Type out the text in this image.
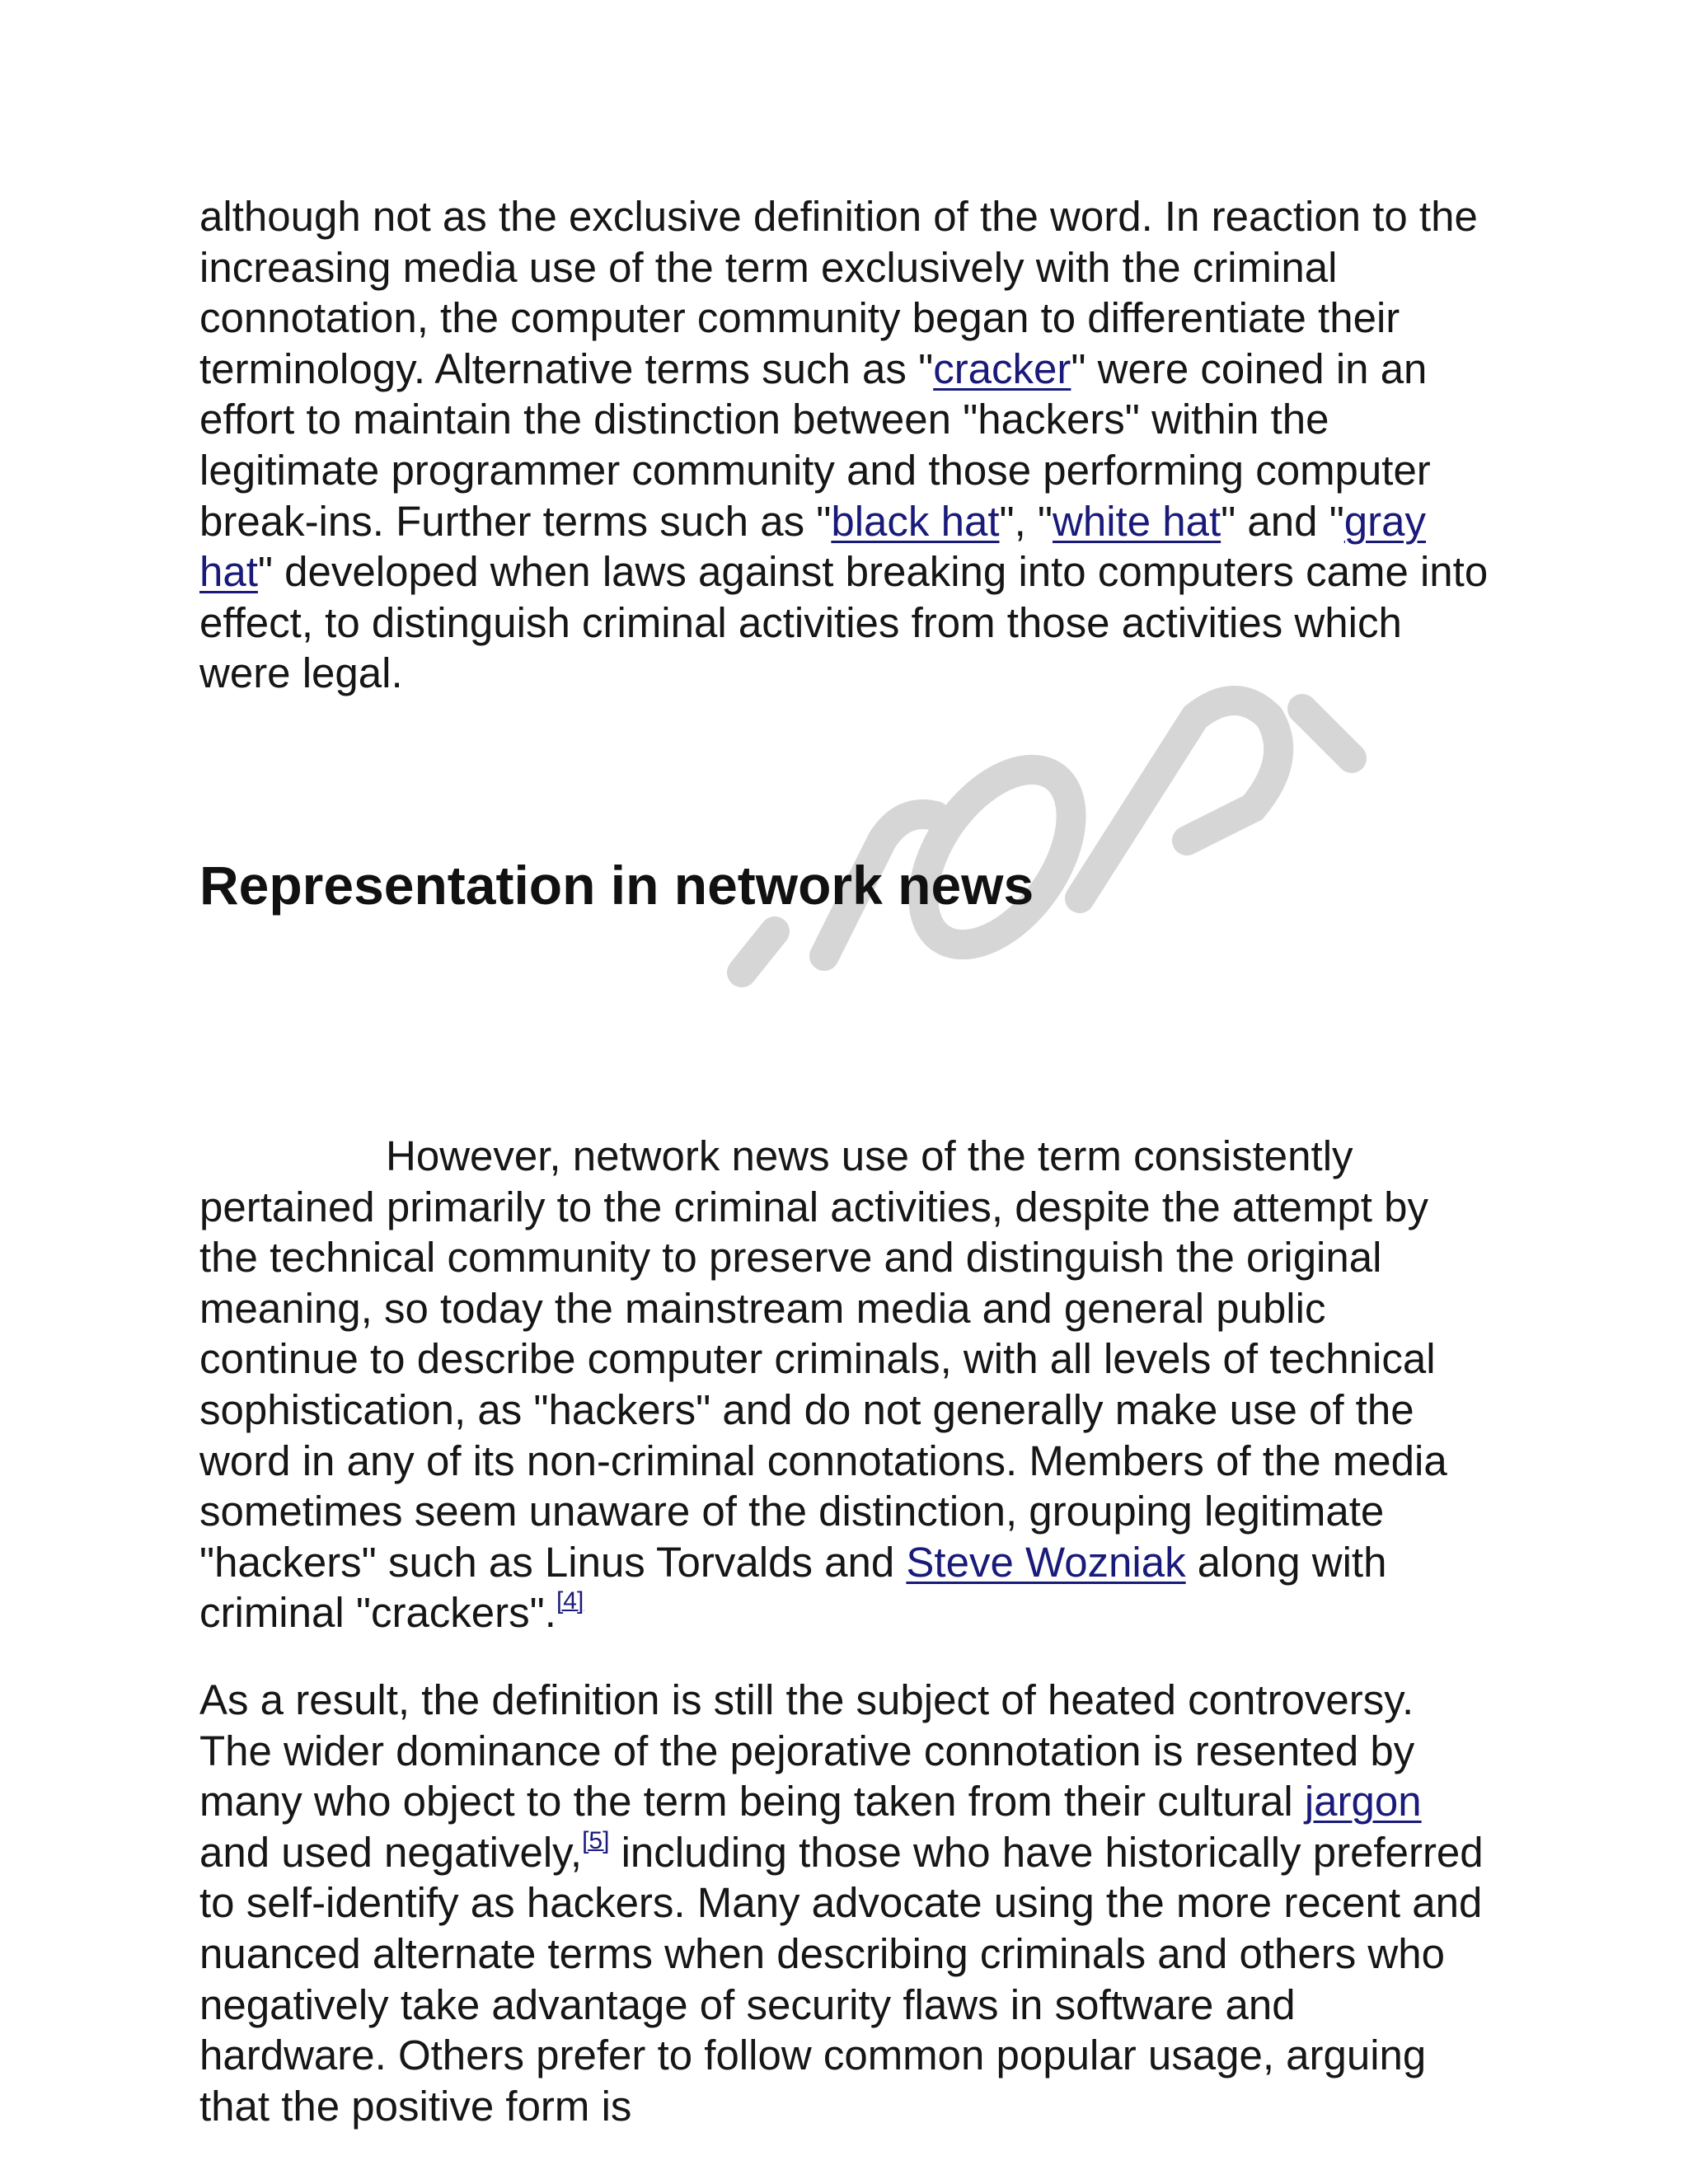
although not as the exclusive definition of the word. In reaction to the increasing media use of the term exclusively with the criminal connotation, the computer community began to differentiate their terminology. Alternative terms such as "cracker" were coined in an effort to maintain the distinction between "hackers" within the legitimate programmer community and those performing computer break-ins. Further terms such as "black hat", "white hat" and "gray hat" developed when laws against breaking into computers came into effect, to distinguish criminal activities from those activities which were legal.

Representation in network news

However, network news use of the term consistently pertained primarily to the criminal activities, despite the attempt by the technical community to preserve and distinguish the original meaning, so today the mainstream media and general public continue to describe computer criminals, with all levels of technical sophistication, as "hackers" and do not generally make use of the word in any of its non-criminal connotations. Members of the media sometimes seem unaware of the distinction, grouping legitimate "hackers" such as Linus Torvalds and Steve Wozniak along with criminal "crackers".[4]

As a result, the definition is still the subject of heated controversy. The wider dominance of the pejorative connotation is resented by many who object to the term being taken from their cultural jargon and used negatively,[5] including those who have historically preferred to self-identify as hackers. Many advocate using the more recent and nuanced alternate terms when describing criminals and others who negatively take advantage of security flaws in software and hardware. Others prefer to follow common popular usage, arguing that the positive form is
